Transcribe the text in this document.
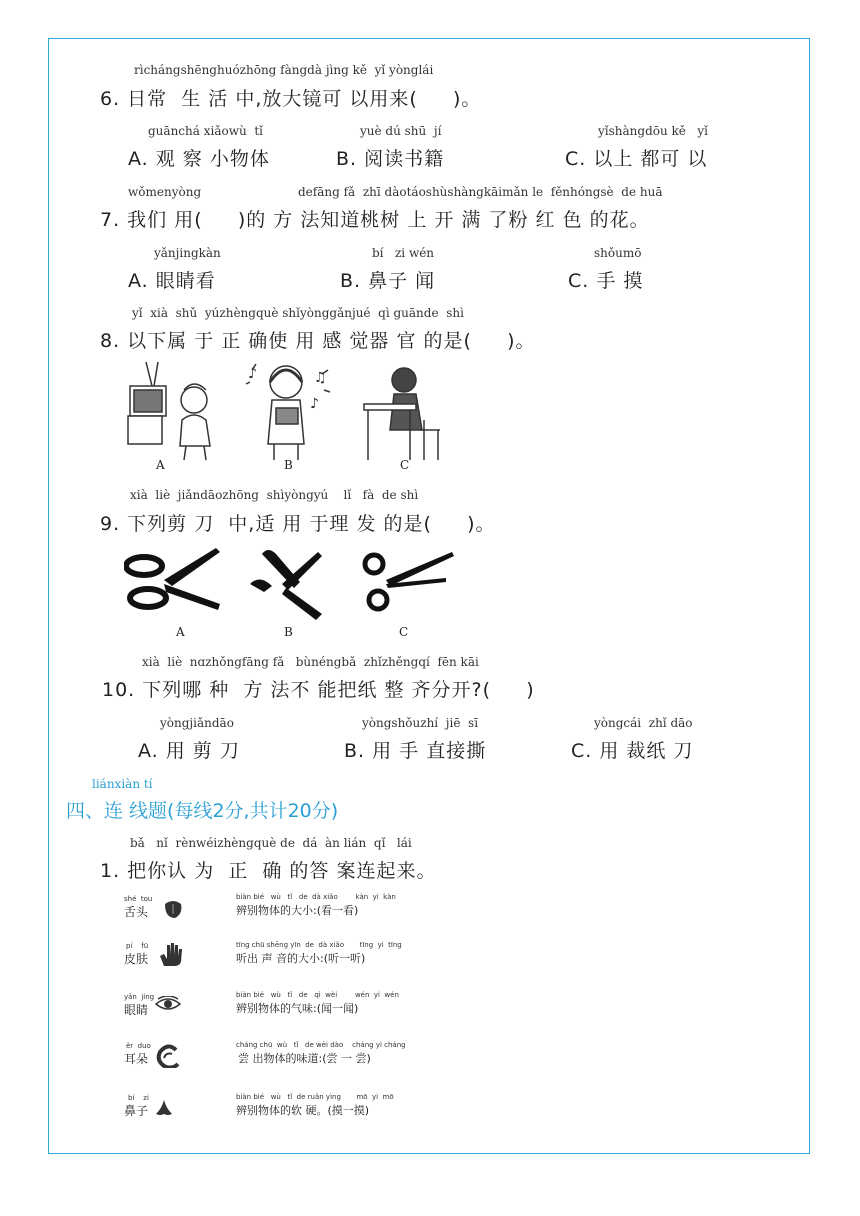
rìchángshēnghuózhōng fàngdà jìng kě  yǐ yònglái
6. 日常  生 活 中,放大镜可 以用来(     )。
guānchá xiǎowù  tǐ
A. 观 察 小物体
yuè dú shū  jí
B. 阅读书籍
yǐshàngdōu kě   yǐ
C. 以上 都可 以
wǒmenyòng	defāng fǎ  zhī dàotáoshùshàngkāimǎn le  fěnhóngsè  de huā
7. 我们 用(     )的 方 法知道桃树 上 开 满 了粉 红 色 的花。
yǎnjingkàn
A. 眼睛看
bí   zi wén
B. 鼻子 闻
shǒumō
C. 手 摸
yǐ  xià  shǔ  yúzhèngquè shǐyònggǎnjué  qì guānde  shì
8. 以下属 于 正 确使 用 感 觉器 官 的是(     )。
♪	♫
♪
A	B	C
xià  liè  jiǎndāozhōng  shìyòngyú    lǐ   fà  de shì
9. 下列剪 刀  中,适 用 于理 发 的是(     )。
A	B	C
xià  liè  nɑzhǒngfāng fǎ   bùnéngbǎ  zhǐzhěngqí  fēn kāi
10. 下列哪 种  方 法不 能把纸 整 齐分开?(     )
yòngjiǎndāo
A. 用 剪 刀
yòngshǒuzhí  jiē  sī
B. 用 手 直接撕
yòngcái  zhǐ dāo
C. 用 裁纸 刀
liánxiàn tí
四、连 线题(每线2分,共计20分)
bǎ   nǐ  rènwéizhèngquè de  dá  àn lián  qǐ   lái
1. 把你认 为  正  确 的答 案连起来。
shé  tou
舌头
biàn bié   wù   tǐ   de  dà xiǎo        kàn  yi  kàn
辨别物体的大小:(看一看)
pí    fū
皮肤
tīng chū shēng yīn  de  dà xiǎo       tīng  yi  tīng
听出 声 音的大小:(听一听)
yǎn  jing
眼睛
biàn bié   wù   tǐ   de   qì  wèi        wén  yi  wén
辨别物体的气味:(闻一闻)
ěr  duo
耳朵
cháng chū  wù   tǐ   de wèi dào    cháng yi cháng
尝 出物体的味道:(尝 一 尝)
bí    zi
鼻子
biàn bié   wù   tǐ  de ruǎn yìng       mō  yi  mō
辨别物体的软 硬。(摸一摸)
